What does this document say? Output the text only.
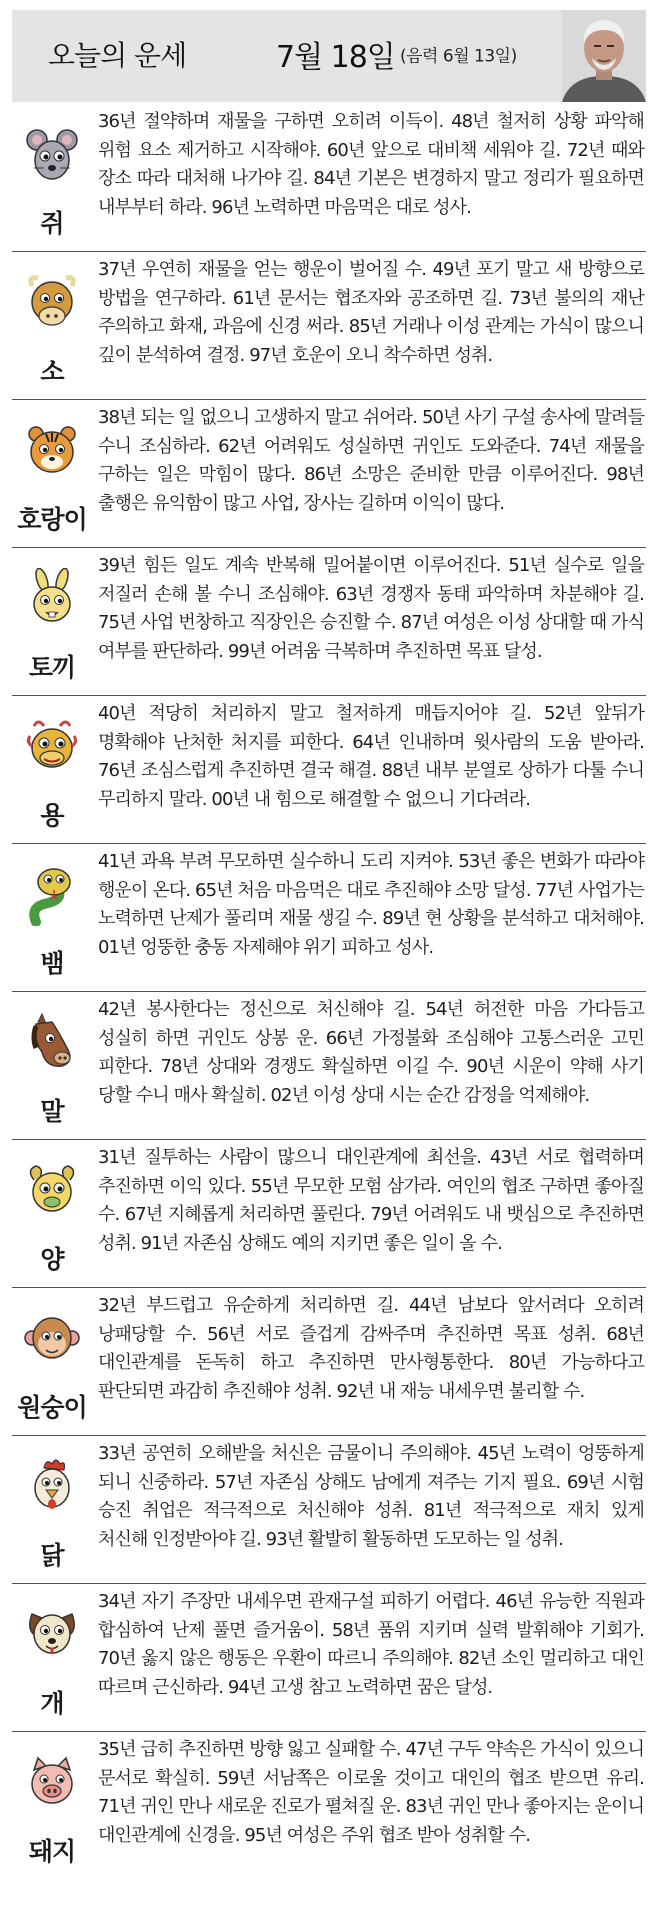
오늘의 운세	7월 18일 (음력 6월 13일)
쥐
36년 절약하며 재물을 구하면 오히려 이득이. 48년 철저히 상황 파악해 위험 요소 제거하고 시작해야. 60년 앞으로 대비책 세워야 길. 72년 때와 장소 따라 대처해 나가야 길. 84년 기본은 변경하지 말고 정리가 필요하면 내부부터 하라. 96년 노력하면 마음먹은 대로 성사.
소
37년 우연히 재물을 얻는 행운이 벌어질 수. 49년 포기 말고 새 방향으로 방법을 연구하라. 61년 문서는 협조자와 공조하면 길. 73년 불의의 재난 주의하고 화재, 과음에 신경 써라. 85년 거래나 이성 관계는 가식이 많으니 깊이 분석하여 결정. 97년 호운이 오니 착수하면 성취.
호랑이
38년 되는 일 없으니 고생하지 말고 쉬어라. 50년 사기 구설 송사에 말려들 수니 조심하라. 62년 어려워도 성실하면 귀인도 도와준다. 74년 재물을 구하는 일은 막힘이 많다. 86년 소망은 준비한 만큼 이루어진다. 98년 출행은 유익함이 많고 사업, 장사는 길하며 이익이 많다.
토끼
39년 힘든 일도 계속 반복해 밀어붙이면 이루어진다. 51년 실수로 일을 저질러 손해 볼 수니 조심해야. 63년 경쟁자 동태 파악하며 차분해야 길. 75년 사업 번창하고 직장인은 승진할 수. 87년 여성은 이성 상대할 때 가식 여부를 판단하라. 99년 어려움 극복하며 추진하면 목표 달성.
용
40년 적당히 처리하지 말고 철저하게 매듭지어야 길. 52년 앞뒤가 명확해야 난처한 처지를 피한다. 64년 인내하며 윗사람의 도움 받아라. 76년 조심스럽게 추진하면 결국 해결. 88년 내부 분열로 상하가 다툴 수니 무리하지 말라. 00년 내 힘으로 해결할 수 없으니 기다려라.
뱀
41년 과욕 부려 무모하면 실수하니 도리 지켜야. 53년 좋은 변화가 따라야 행운이 온다. 65년 처음 마음먹은 대로 추진해야 소망 달성. 77년 사업가는 노력하면 난제가 풀리며 재물 생길 수. 89년 현 상황을 분석하고 대처해야. 01년 엉뚱한 충동 자제해야 위기 피하고 성사.
말
42년 봉사한다는 정신으로 처신해야 길. 54년 허전한 마음 가다듬고 성실히 하면 귀인도 상봉 운. 66년 가정불화 조심해야 고통스러운 고민 피한다. 78년 상대와 경쟁도 확실하면 이길 수. 90년 시운이 약해 사기 당할 수니 매사 확실히. 02년 이성 상대 시는 순간 감정을 억제해야.
양
31년 질투하는 사람이 많으니 대인관계에 최선을. 43년 서로 협력하며 추진하면 이익 있다. 55년 무모한 모험 삼가라. 여인의 협조 구하면 좋아질 수. 67년 지혜롭게 처리하면 풀린다. 79년 어려워도 내 뱃심으로 추진하면 성취. 91년 자존심 상해도 예의 지키면 좋은 일이 올 수.
원숭이
32년 부드럽고 유순하게 처리하면 길. 44년 남보다 앞서려다 오히려 낭패당할 수. 56년 서로 즐겁게 감싸주며 추진하면 목표 성취. 68년 대인관계를 돈독히 하고 추진하면 만사형통한다. 80년 가능하다고 판단되면 과감히 추진해야 성취. 92년 내 재능 내세우면 불리할 수.
닭
33년 공연히 오해받을 처신은 금물이니 주의해야. 45년 노력이 엉뚱하게 되니 신중하라. 57년 자존심 상해도 남에게 져주는 기지 필요. 69년 시험 승진 취업은 적극적으로 처신해야 성취. 81년 적극적으로 재치 있게 처신해 인정받아야 길. 93년 활발히 활동하면 도모하는 일 성취.
개
34년 자기 주장만 내세우면 관재구설 피하기 어렵다. 46년 유능한 직원과 합심하여 난제 풀면 즐거움이. 58년 품위 지키며 실력 발휘해야 기회가. 70년 옳지 않은 행동은 우환이 따르니 주의해야. 82년 소인 멀리하고 대인 따르며 근신하라. 94년 고생 참고 노력하면 꿈은 달성.
돼지
35년 급히 추진하면 방향 잃고 실패할 수. 47년 구두 약속은 가식이 있으니 문서로 확실히. 59년 서남쪽은 이로울 것이고 대인의 협조 받으면 유리. 71년 귀인 만나 새로운 진로가 펼쳐질 운. 83년 귀인 만나 좋아지는 운이니 대인관계에 신경을. 95년 여성은 주위 협조 받아 성취할 수.
